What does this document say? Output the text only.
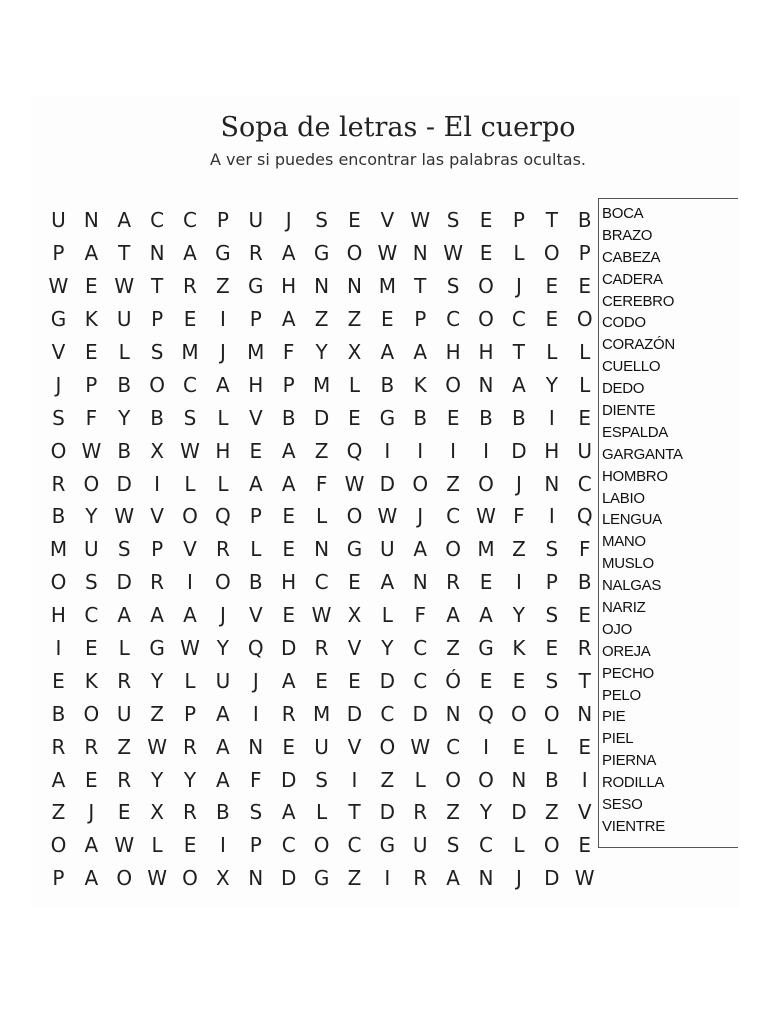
Sopa de letras - El cuerpo
A ver si puedes encontrar las palabras ocultas.
U N A C C P U	J	S	E V W S	E	P	T B
P	A T N A G R A G O W N W E	L O P
W E W T R Z G H N N M T	S O	J	E	E
G K U P	E	I	P	A Z Z E	P C O C E O
V E	L	S M	J	M F	Y X A A H H T	L	L
J	P	B O C A H P M L	B K O N A Y	L
S	F	Y B S	L	V B D E G B E B B	I	E
O W B X W H E A Z Q	I	I	I	I	D H U
R O D	I	L	L	A A	F W D O Z O	J	N C
B Y W V O Q P	E	L O W	J	C W F	I	Q
M U S	P	V R	L	E N G U A O M Z S	F
O S D R	I	O B H C E A N R E	I	P	B
H C A A A	J	V E W X	L	F	A A Y	S	E
I	E	L G W Y Q D R V Y C Z G K	E R
E	K R Y	L	U	J	A E	E D C Ó E	E	S	T
B O U Z	P	A	I	R M D C D N Q O O N
R R Z W R A N E U V O W C	I	E	L	E
A E R Y	Y A	F D S	I	Z	L O O N B	I
Z	J	E X R B S A	L	T D R Z Y D Z V
O A W L	E	I	P C O C G U S C	L O E
P	A O W O X N D G Z	I	R A N	J	D W
BOCA
BRAZO
CABEZA
CADERA
CEREBRO
CODO
CORAZÓN
CUELLO
DEDO
DIENTE
ESPALDA
GARGANTA
HOMBRO
LABIO
LENGUA
MANO
MUSLO
NALGAS
NARIZ
OJO
OREJA
PECHO
PELO
PIE
PIEL
PIERNA
RODILLA
SESO
VIENTRE
